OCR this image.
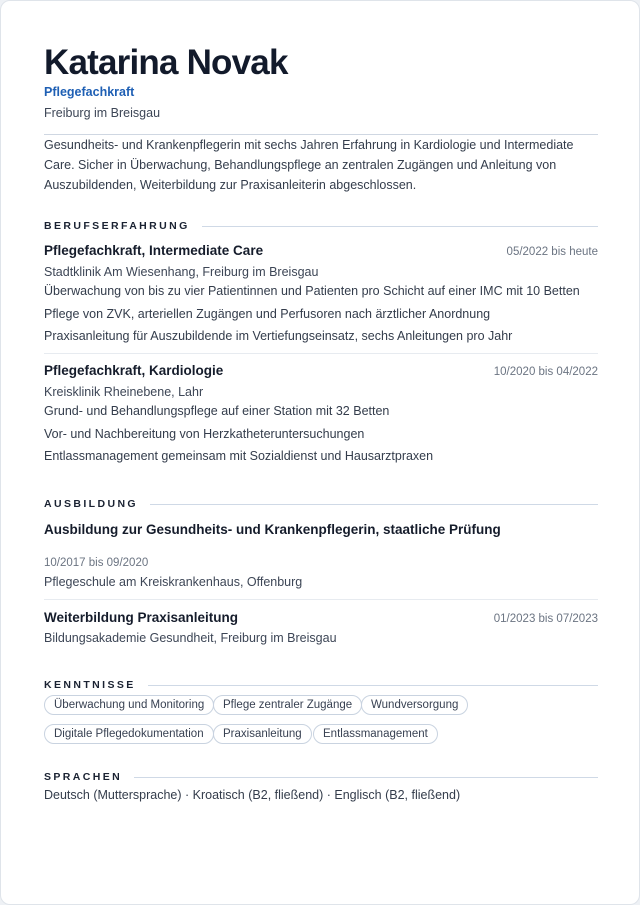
Katarina Novak
Pflegefachkraft
Freiburg im Breisgau
Gesundheits- und Krankenpflegerin mit sechs Jahren Erfahrung in Kardiologie und Intermediate Care. Sicher in Überwachung, Behandlungspflege an zentralen Zugängen und Anleitung von Auszubildenden, Weiterbildung zur Praxisanleiterin abgeschlossen.
BERUFSERFAHRUNG
Pflegefachkraft, Intermediate Care	05/2022 bis heute
Stadtklinik Am Wiesenhang, Freiburg im Breisgau
Überwachung von bis zu vier Patientinnen und Patienten pro Schicht auf einer IMC mit 10 Betten
Pflege von ZVK, arteriellen Zugängen und Perfusoren nach ärztlicher Anordnung
Praxisanleitung für Auszubildende im Vertiefungseinsatz, sechs Anleitungen pro Jahr
Pflegefachkraft, Kardiologie	10/2020 bis 04/2022
Kreisklinik Rheinebene, Lahr
Grund- und Behandlungspflege auf einer Station mit 32 Betten
Vor- und Nachbereitung von Herzkatheteruntersuchungen
Entlassmanagement gemeinsam mit Sozialdienst und Hausarztpraxen
AUSBILDUNG
Ausbildung zur Gesundheits- und Krankenpflegerin, staatliche Prüfung
10/2017 bis 09/2020
Pflegeschule am Kreiskrankenhaus, Offenburg
Weiterbildung Praxisanleitung	01/2023 bis 07/2023
Bildungsakademie Gesundheit, Freiburg im Breisgau
KENNTNISSE
Überwachung und Monitoring	Pflege zentraler Zugänge	Wundversorgung
Digitale Pflegedokumentation	Praxisanleitung	Entlassmanagement
SPRACHEN
Deutsch (Muttersprache) · Kroatisch (B2, fließend) · Englisch (B2, fließend)
